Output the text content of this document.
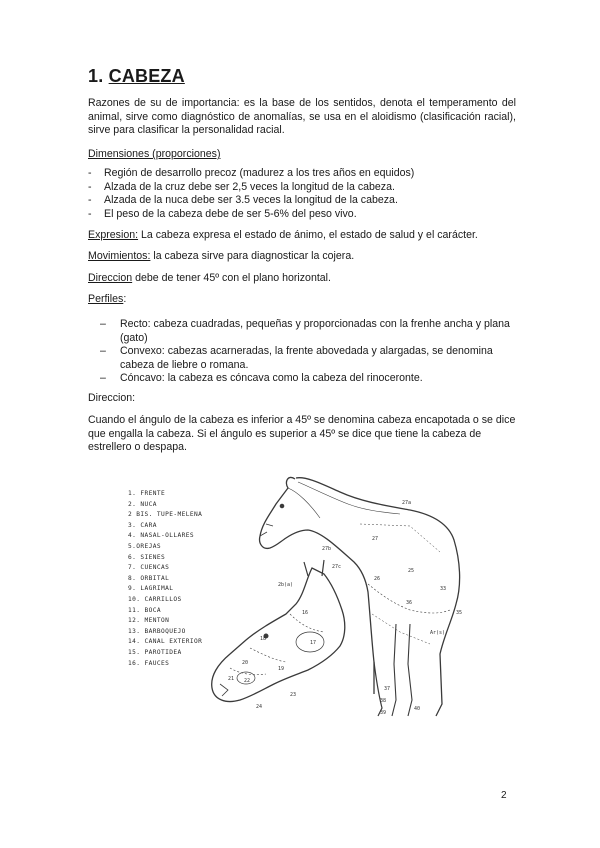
1. CABEZA

Razones de su de importancia: es la base de los sentidos, denota el temperamento del animal, sirve como diagnóstico de anomalías, se usa en el aloidismo (clasificación racial), sirve para clasificar la personalidad racial.

Dimensiones (proporciones)

- Región de desarrollo precoz (madurez a los tres años en equidos)
- Alzada de la cruz debe ser 2,5 veces la longitud de la cabeza.
- Alzada de la nuca debe ser 3.5 veces la longitud de la cabeza.
- El peso de la cabeza debe de ser 5-6% del peso vivo.

Expresion: La cabeza expresa el estado de ánimo, el estado de salud y el carácter.

Movimientos: la cabeza sirve para diagnosticar la cojera.

Direccion debe de tener 45º con el plano horizontal.

Perfiles:

– Recto: cabeza cuadradas, pequeñas y proporcionadas con la frenhe ancha y plana (gato)
– Convexo: cabezas acarneradas, la frente abovedada y alargadas, se denomina cabeza de liebre o romana.
– Cóncavo: la cabeza es cóncava como la cabeza del rinoceronte.

Direccion:

Cuando el ángulo de la cabeza es inferior a 45º se denomina cabeza encapotada o se dice que engalla la cabeza. Si el ángulo es superior a 45º se dice que tiene la cabeza de estrellero o despapa.

27a
27
27b
27c
26
25
33
35
36
Ar(s)
37
38
39
40
2b(a)
16
17
18
19
20
21 22
23
24
1. FRENTE
2. NUCA
2 BIS. TUPE-MELENA
3. CARA
4. NASAL-OLLARES
5.OREJAS
6. SIENES
7. CUENCAS
8. ORBITAL
9. LAGRIMAL
10. CARRILLOS
11. BOCA
12. MENTON
13. BARBOQUEJO
14. CANAL EXTERIOR
15. PAROTIDEA
16. FAUCES
2
